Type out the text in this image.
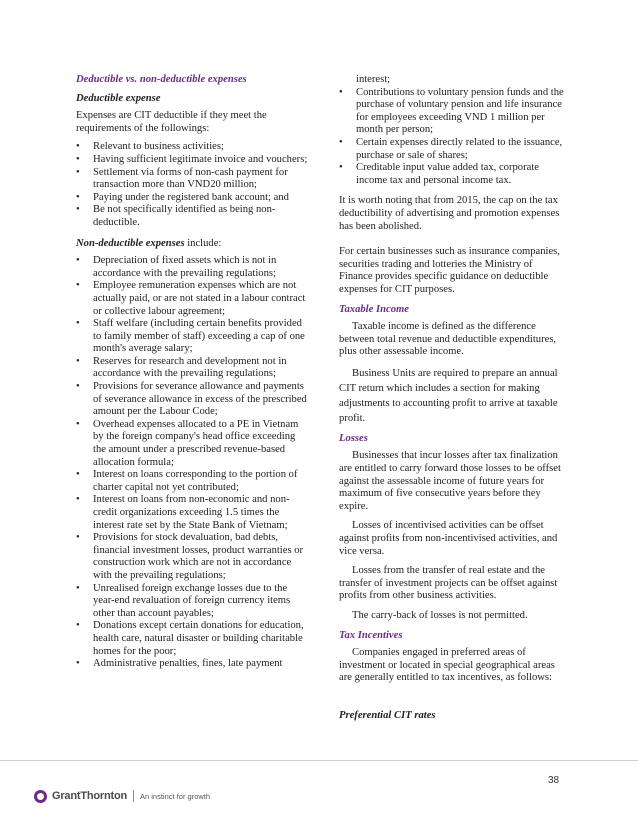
Deductible vs. non-deductible expenses
Deductible expense

Expenses are CIT deductible if they meet the requirements of the followings:

• Relevant to business activities;
• Having sufficient legitimate invoice and vouchers;
• Settlement via forms of non-cash payment for transaction more than VND20 million;
• Paying under the registered bank account; and
• Be not specifically identified as being non-deductible.
Non-deductible expenses include:
• Depreciation of fixed assets which is not in accordance with the prevailing regulations;
• Employee remuneration expenses which are not actually paid, or are not stated in a labour contract or collective labour agreement;
• Staff welfare (including certain benefits provided to family member of staff) exceeding a cap of one month's average salary;
• Reserves for research and development not in accordance with the prevailing regulations;
• Provisions for severance allowance and payments of severance allowance in excess of the prescribed amount per the Labour Code;
• Overhead expenses allocated to a PE in Vietnam by the foreign company's head office exceeding the amount under a prescribed revenue-based allocation formula;
• Interest on loans corresponding to the portion of charter capital not yet contributed;
• Interest on loans from non-economic and non-credit organizations exceeding 1.5 times the interest rate set by the State Bank of Vietnam;
• Provisions for stock devaluation, bad debts, financial investment losses, product warranties or construction work which are not in accordance with the prevailing regulations;
• Unrealised foreign exchange losses due to the year-end revaluation of foreign currency items other than account payables;
• Donations except certain donations for education, health care, natural disaster or building charitable homes for the poor;
• Administrative penalties, fines, late payment
interest;
• Contributions to voluntary pension funds and the purchase of voluntary pension and life insurance for employees exceeding VND 1 million per month per person;
• Certain expenses directly related to the issuance, purchase or sale of shares;
• Creditable input value added tax, corporate income tax and personal income tax.

It is worth noting that from 2015, the cap on the tax deductibility of advertising and promotion expenses has been abolished.

For certain businesses such as insurance companies, securities trading and lotteries the Ministry of Finance provides specific guidance on deductible expenses for CIT purposes.

Taxable Income

Taxable income is defined as the difference between total revenue and deductible expenditures, plus other assessable income.

Business Units are required to prepare an annual CIT return which includes a section for making adjustments to accounting profit to arrive at taxable profit.

Losses

Businesses that incur losses after tax finalization are entitled to carry forward those losses to be offset against the assessable income of future years for maximum of five consecutive years before they expire.

Losses of incentivised activities can be offset against profits from non-incentivised activities, and vice versa.

Losses from the transfer of real estate and the transfer of investment projects can be offset against profits from other business activities.

The carry-back of losses is not permitted.

Tax Incentives

Companies engaged in preferred areas of investment or located in special geographical areas are generally entitled to tax incentives, as follows:

Preferential CIT rates
38
GrantThornton An instinct for growth
